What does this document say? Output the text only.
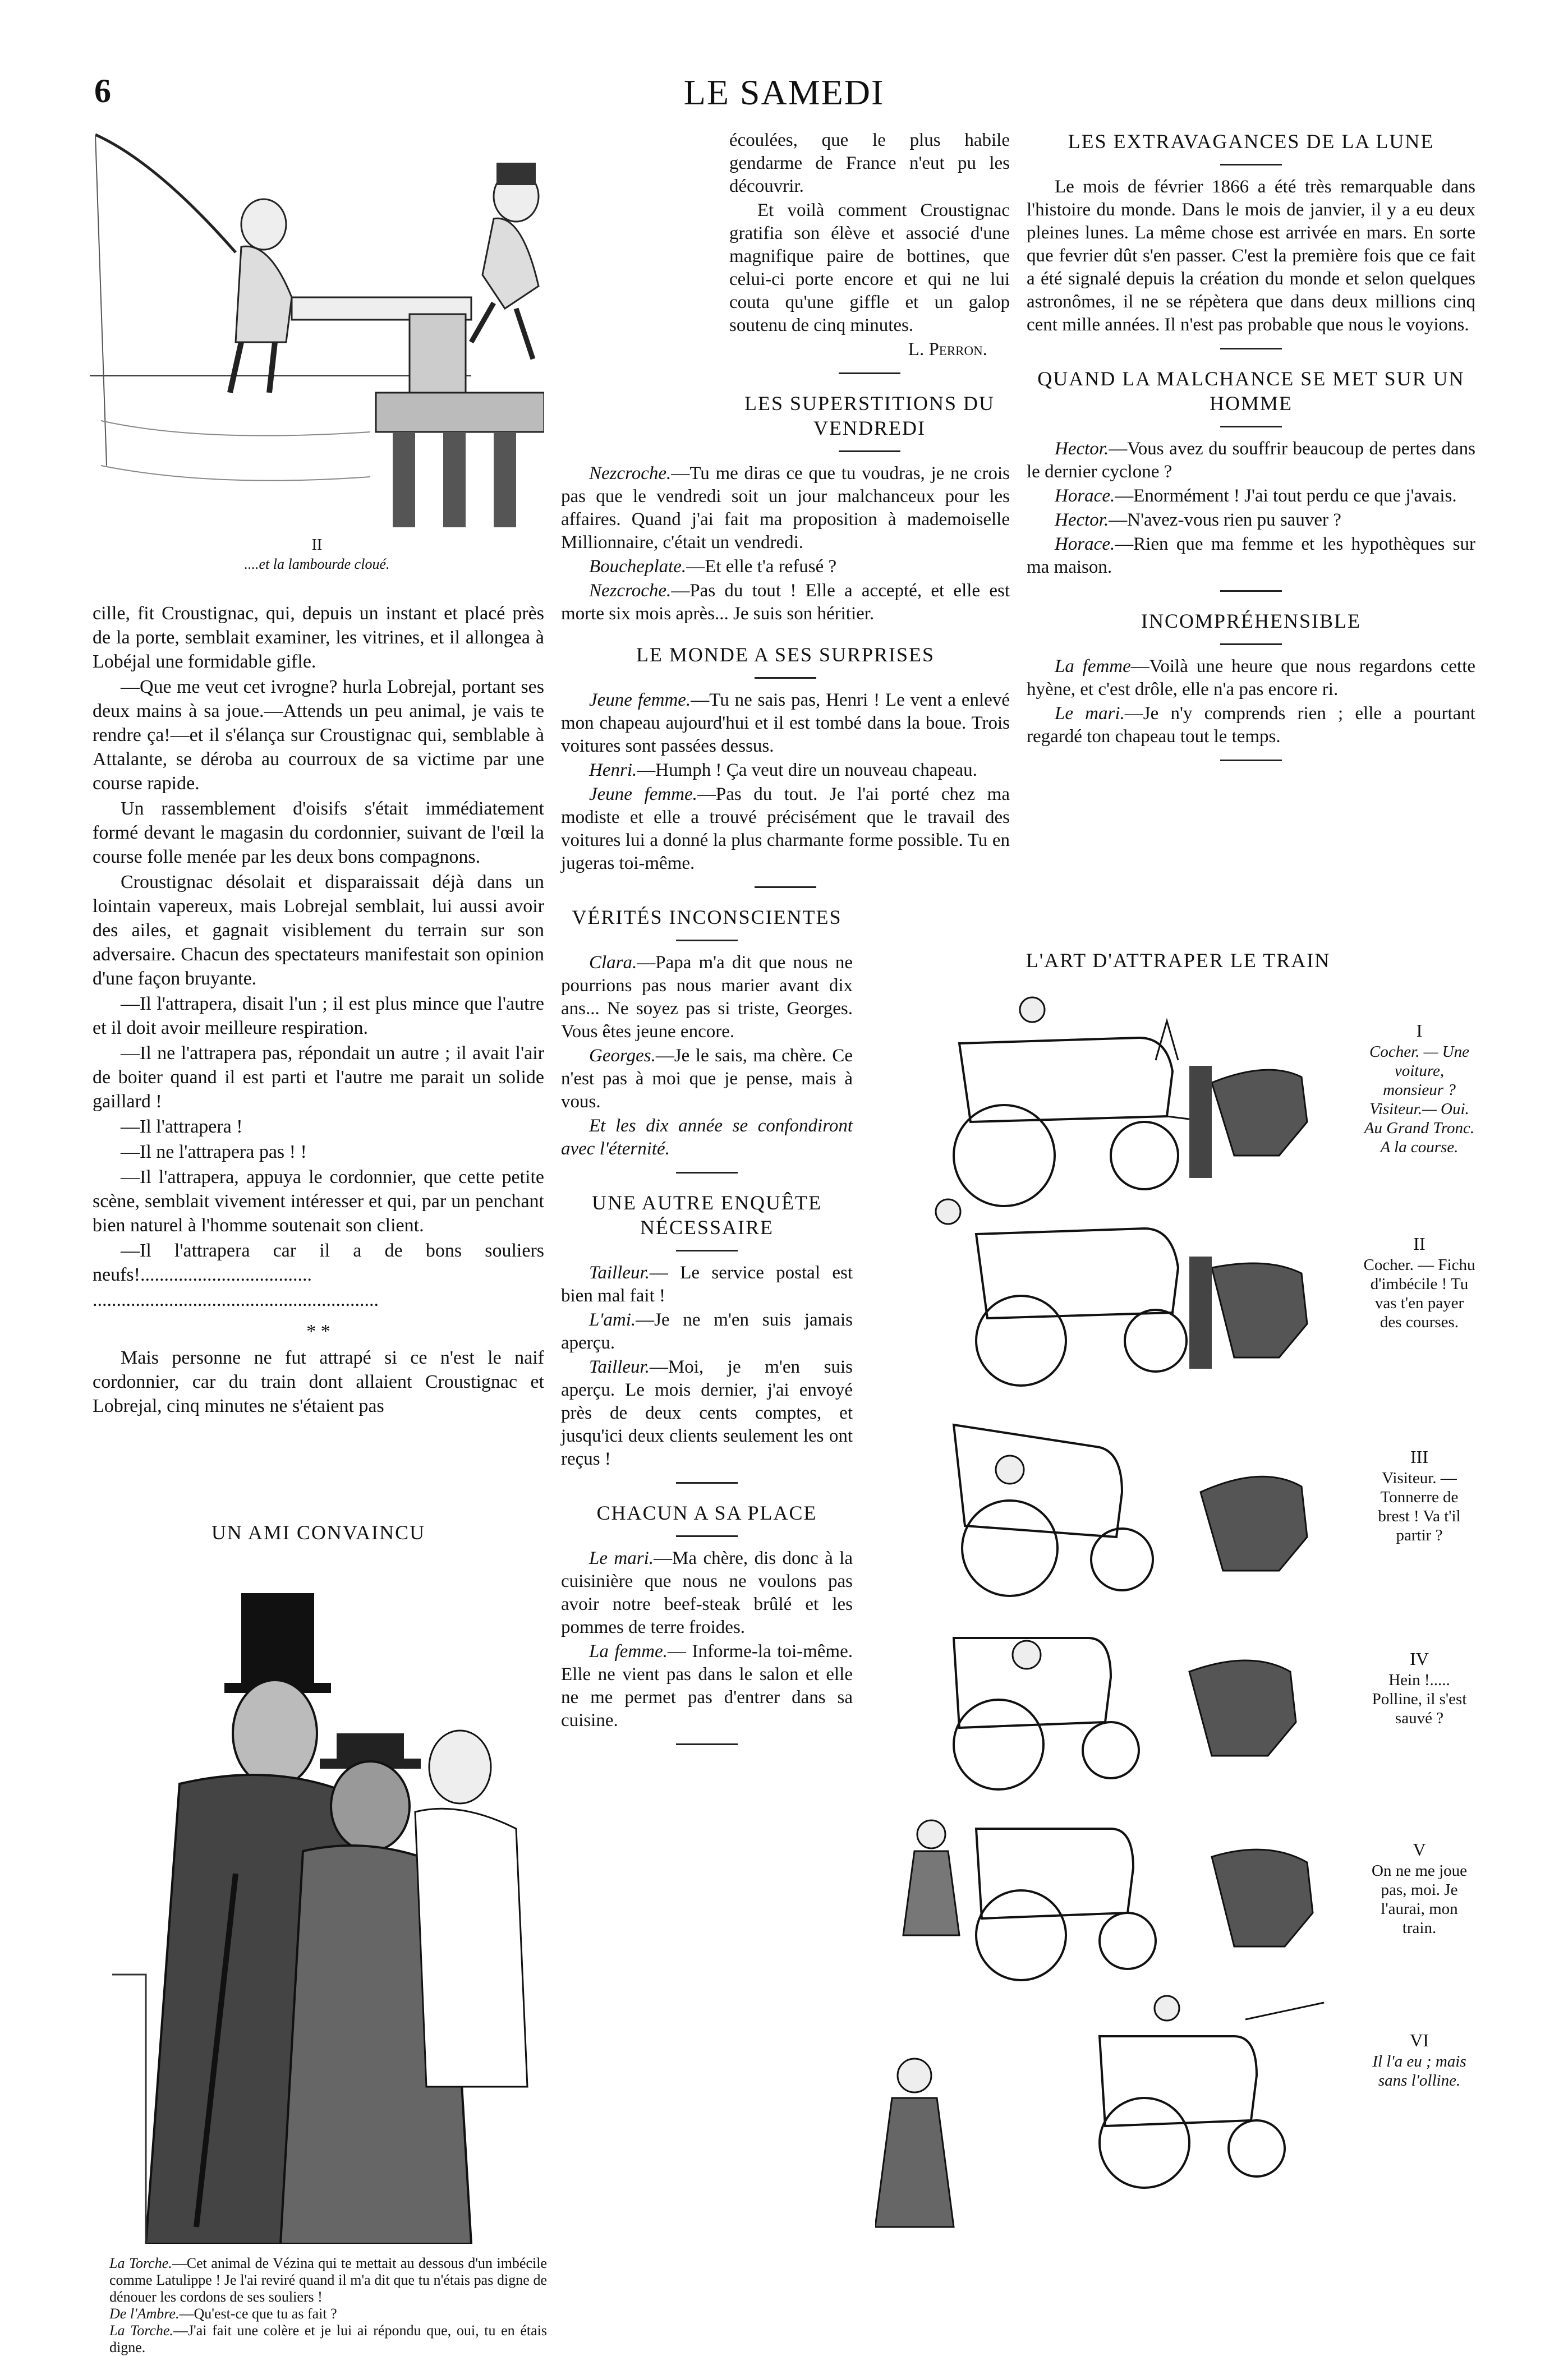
6	LE SAMEDI
II
....et la lambourde cloué.

cille, fit Croustignac, qui, depuis un instant et placé près de la porte, semblait examiner, les vitrines, et il allongea à Lobéjal une formidable gifle.

—Que me veut cet ivrogne? hurla Lobrejal, portant ses deux mains à sa joue.—Attends un peu animal, je vais te rendre ça!—et il s'élança sur Croustignac qui, semblable à Attalante, se déroba au courroux de sa victime par une course rapide.

Un rassemblement d'oisifs s'était immédiatement formé devant le magasin du cordonnier, suivant de l'œil la course folle menée par les deux bons compagnons.

Croustignac désolait et disparaissait déjà dans un lointain vapereux, mais Lobrejal semblait, lui aussi avoir des ailes, et gagnait visiblement du terrain sur son adversaire. Chacun des spectateurs manifestait son opinion d'une façon bruyante.

—Il l'attrapera, disait l'un ; il est plus mince que l'autre et il doit avoir meilleure respiration.

—Il ne l'attrapera pas, répondait un autre ; il avait l'air de boiter quand il est parti et l'autre me parait un solide gaillard !

—Il l'attrapera !

—Il ne l'attrapera pas ! !

—Il l'attrapera, appuya le cordonnier, que cette petite scène, semblait vivement intéresser et qui, par un penchant bien naturel à l'homme soutenait son client.

—Il l'attrapera car il a de bons souliers neufs!....................................

............................................................

* *

Mais personne ne fut attrapé si ce n'est le naif cordonnier, car du train dont allaient Croustignac et Lobrejal, cinq minutes ne s'étaient pas

UN AMI CONVAINCU
La Torche.—Cet animal de Vézina qui te mettait au dessous d'un imbécile comme Latulippe ! Je l'ai reviré quand il m'a dit que tu n'étais pas digne de dénouer les cordons de ses souliers !
De l'Ambre.—Qu'est-ce que tu as fait ?
La Torche.—J'ai fait une colère et je lui ai répondu que, oui, tu en étais digne.

écoulées, que le plus habile gendarme de France n'eut pu les découvrir.

Et voilà comment Croustignac gratifia son élève et associé d'une magnifique paire de bottines, que celui-ci porte encore et qui ne lui couta qu'une giffle et un galop soutenu de cinq minutes.

L. Perron.
LES SUPERSTITIONS DU VENDREDI

Nezcroche.—Tu me diras ce que tu voudras, je ne crois pas que le vendredi soit un jour malchanceux pour les affaires. Quand j'ai fait ma proposition à mademoiselle Millionnaire, c'était un vendredi.

Boucheplate.—Et elle t'a refusé ?

Nezcroche.—Pas du tout ! Elle a accepté, et elle est morte six mois après... Je suis son héritier.

LE MONDE A SES SURPRISES

Jeune femme.—Tu ne sais pas, Henri ! Le vent a enlevé mon chapeau aujourd'hui et il est tombé dans la boue. Trois voitures sont passées dessus.

Henri.—Humph ! Ça veut dire un nouveau chapeau.

Jeune femme.—Pas du tout. Je l'ai porté chez ma modiste et elle a trouvé précisément que le travail des voitures lui a donné la plus charmante forme possible. Tu en jugeras toi-même.

VÉRITÉS INCONSCIENTES

Clara.—Papa m'a dit que nous ne pourrions pas nous marier avant dix ans... Ne soyez pas si triste, Georges. Vous êtes jeune encore.

Georges.—Je le sais, ma chère. Ce n'est pas à moi que je pense, mais à vous.

Et les dix année se confondiront avec l'éternité.

UNE AUTRE ENQUÊTE NÉCESSAIRE

Tailleur.— Le service postal est bien mal fait !

L'ami.—Je ne m'en suis jamais aperçu.

Tailleur.—Moi, je m'en suis aperçu. Le mois dernier, j'ai envoyé près de deux cents comptes, et jusqu'ici deux clients seulement les ont reçus !

CHACUN A SA PLACE

Le mari.—Ma chère, dis donc à la cuisinière que nous ne voulons pas avoir notre beef-steak brûlé et les pommes de terre froides.

La femme.— Informe-la toi-même. Elle ne vient pas dans le salon et elle ne me permet pas d'entrer dans sa cuisine.

LES EXTRAVAGANCES DE LA LUNE

Le mois de février 1866 a été très remarquable dans l'histoire du monde. Dans le mois de janvier, il y a eu deux pleines lunes. La même chose est arrivée en mars. En sorte que fevrier dût s'en passer. C'est la première fois que ce fait a été signalé depuis la création du monde et selon quelques astronômes, il ne se répètera que dans deux millions cinq cent mille années. Il n'est pas probable que nous le voyions.

QUAND LA MALCHANCE SE MET SUR UN HOMME

Hector.—Vous avez du souffrir beaucoup de pertes dans le dernier cyclone ?

Horace.—Enormément ! J'ai tout perdu ce que j'avais.

Hector.—N'avez-vous rien pu sauver ?

Horace.—Rien que ma femme et les hypothèques sur ma maison.

INCOMPRÉHENSIBLE

La femme—Voilà une heure que nous regardons cette hyène, et c'est drôle, elle n'a pas encore ri.

Le mari.—Je n'y comprends rien ; elle a pourtant regardé ton chapeau tout le temps.

L'ART D'ATTRAPER LE TRAIN
I
Cocher. — Une voiture, monsieur ? Visiteur.— Oui. Au Grand Tronc. A la course.
II
Cocher. — Fichu d'imbécile ! Tu vas t'en payer des courses.
III
Visiteur. — Tonnerre de brest ! Va t'il partir ?
IV
Hein !..... Polline, il s'est sauvé ?
V
On ne me joue pas, moi. Je l'aurai, mon train.
VI
Il l'a eu ; mais sans l'olline.
